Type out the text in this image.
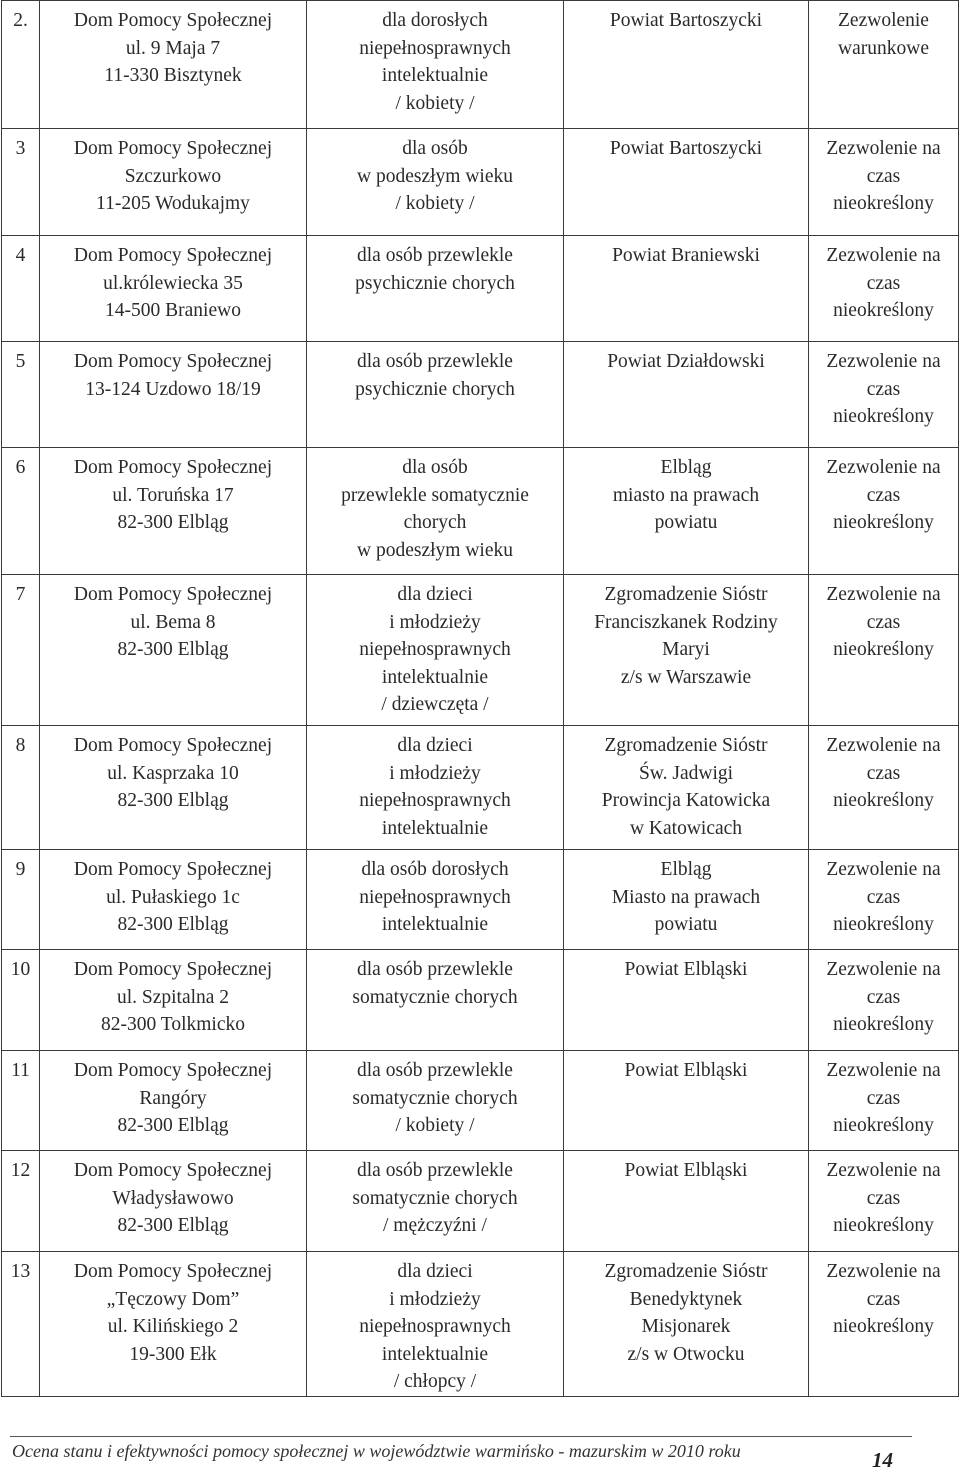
2.	Dom Pomocy Społecznej
ul. 9 Maja 7
11-330 Bisztynek	dla dorosłych
niepełnosprawnych
intelektualnie
/ kobiety /	Powiat Bartoszycki	Zezwolenie
warunkowe

3	Dom Pomocy Społecznej
Szczurkowo
11-205 Wodukajmy	dla osób
w podeszłym wieku
/ kobiety /	Powiat Bartoszycki	Zezwolenie na
czas
nieokreślony

4	Dom Pomocy Społecznej
ul.królewiecka 35
14-500 Braniewo	dla osób przewlekle
psychicznie chorych	Powiat Braniewski	Zezwolenie na
czas
nieokreślony

5	Dom Pomocy Społecznej
13-124 Uzdowo 18/19	dla osób przewlekle
psychicznie chorych	Powiat Działdowski	Zezwolenie na
czas
nieokreślony

6	Dom Pomocy Społecznej
ul. Toruńska 17
82-300 Elbląg	dla osób
przewlekle somatycznie
chorych
w podeszłym wieku	Elbląg
miasto na prawach
powiatu	Zezwolenie na
czas
nieokreślony

7	Dom Pomocy Społecznej
ul. Bema 8
82-300 Elbląg	dla dzieci
i młodzieży
niepełnosprawnych
intelektualnie
/ dziewczęta /	Zgromadzenie Sióstr
Franciszkanek Rodziny
Maryi
z/s w Warszawie	Zezwolenie na
czas
nieokreślony

8	Dom Pomocy Społecznej
ul. Kasprzaka 10
82-300 Elbląg	dla dzieci
i młodzieży
niepełnosprawnych
intelektualnie	Zgromadzenie Sióstr
Św. Jadwigi
Prowincja Katowicka
w Katowicach	Zezwolenie na
czas
nieokreślony

9	Dom Pomocy Społecznej
ul. Pułaskiego 1c
82-300 Elbląg	dla osób dorosłych
niepełnosprawnych
intelektualnie	Elbląg
Miasto na prawach
powiatu	Zezwolenie na
czas
nieokreślony

10	Dom Pomocy Społecznej
ul. Szpitalna 2
82-300 Tolkmicko	dla osób przewlekle
somatycznie chorych	Powiat Elbląski	Zezwolenie na
czas
nieokreślony

11	Dom Pomocy Społecznej
Rangóry
82-300 Elbląg	dla osób przewlekle
somatycznie chorych
/ kobiety /	Powiat Elbląski	Zezwolenie na
czas
nieokreślony

12	Dom Pomocy Społecznej
Władysławowo
82-300 Elbląg	dla osób przewlekle
somatycznie chorych
/ mężczyźni /	Powiat Elbląski	Zezwolenie na
czas
nieokreślony

13	Dom Pomocy Społecznej
„Tęczowy Dom”
ul. Kilińskiego 2
19-300 Ełk	dla dzieci
i młodzieży
niepełnosprawnych
intelektualnie
/ chłopcy /	Zgromadzenie Sióstr
Benedyktynek
Misjonarek
z/s w Otwocku	Zezwolenie na
czas
nieokreślony
Ocena stanu i efektywności pomocy społecznej w województwie warmińsko - mazurskim w 2010 roku	14
